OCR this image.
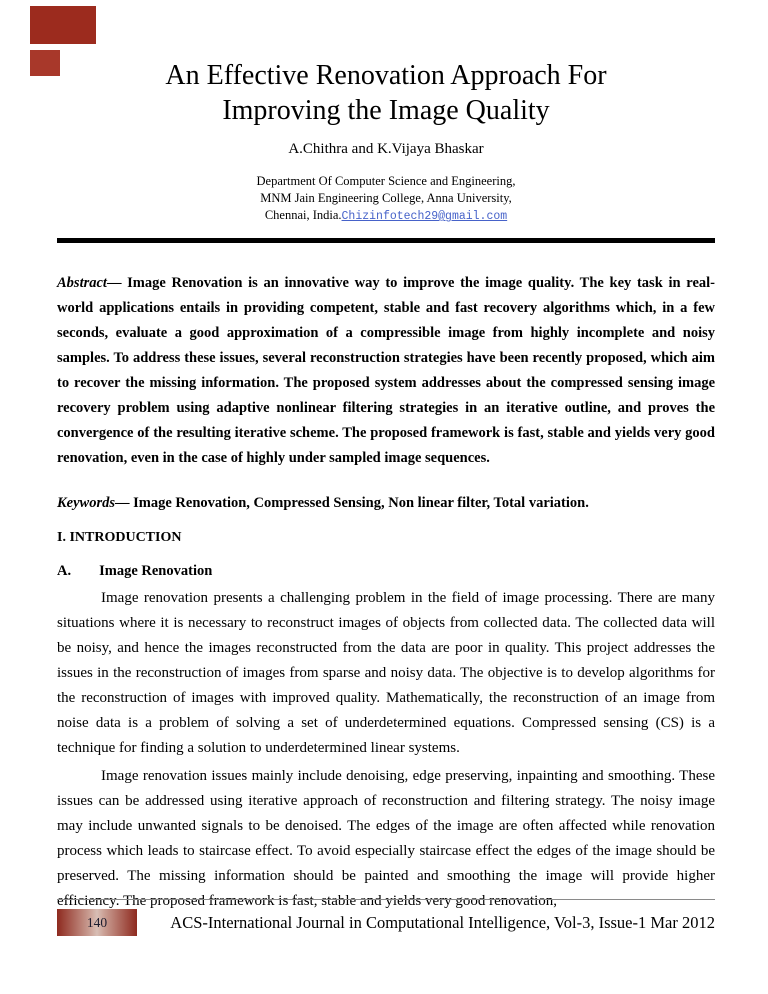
An Effective Renovation Approach For
Improving the Image Quality
A.Chithra and K.Vijaya Bhaskar
Department Of Computer Science and Engineering,
MNM Jain Engineering College, Anna University,
Chennai, India.Chizinfotech29@gmail.com

Abstract— Image Renovation is an innovative way to improve the image quality. The key task in real-world applications entails in providing competent, stable and fast recovery algorithms which, in a few seconds, evaluate a good approximation of a compressible image from highly incomplete and noisy samples. To address these issues, several reconstruction strategies have been recently proposed, which aim to recover the missing information. The proposed system addresses about the compressed sensing image recovery problem using adaptive nonlinear filtering strategies in an iterative outline, and proves the convergence of the resulting iterative scheme. The proposed framework is fast, stable and yields very good renovation, even in the case of highly under sampled image sequences.

Keywords— Image Renovation, Compressed Sensing, Non linear filter, Total variation.

I. INTRODUCTION
A. Image Renovation

Image renovation presents a challenging problem in the field of image processing. There are many situations where it is necessary to reconstruct images of objects from collected data. The collected data will be noisy, and hence the images reconstructed from the data are poor in quality. This project addresses the issues in the reconstruction of images from sparse and noisy data. The objective is to develop algorithms for the reconstruction of images with improved quality. Mathematically, the reconstruction of an image from noise data is a problem of solving a set of underdetermined equations. Compressed sensing (CS) is a technique for finding a solution to underdetermined linear systems.

Image renovation issues mainly include denoising, edge preserving, inpainting and smoothing. These issues can be addressed using iterative approach of reconstruction and filtering strategy. The noisy image may include unwanted signals to be denoised. The edges of the image are often affected while renovation process which leads to staircase effect. To avoid especially staircase effect the edges of the image should be preserved. The missing information should be painted and smoothing the image will provide higher efficiency. The proposed framework is fast, stable and yields very good renovation,

140	ACS-International Journal in Computational Intelligence, Vol-3, Issue-1 Mar 2012
